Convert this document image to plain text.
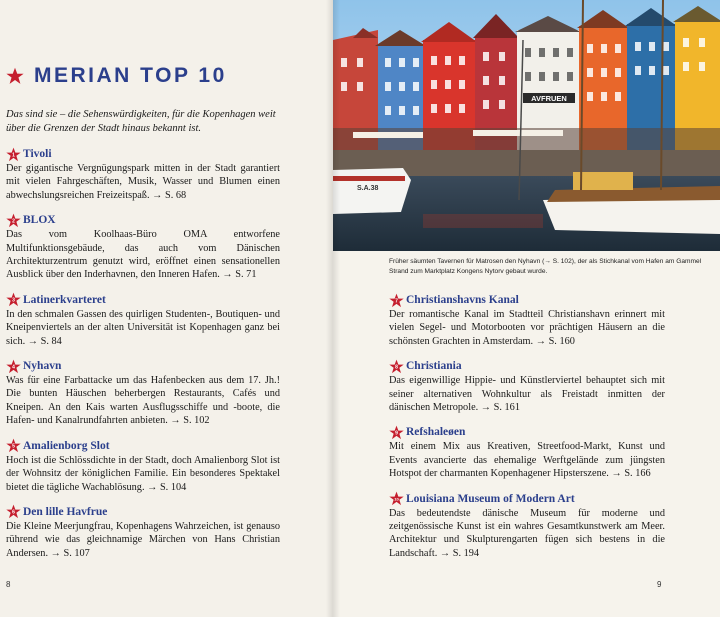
MERIAN TOP 10

Das sind sie – die Sehenswürdigkeiten, für die Kopenhagen weit über die Grenzen der Stadt hinaus bekannt ist.

1 Tivoli

Der gigantische Vergnügungspark mitten in der Stadt garantiert mit vielen Fahrgeschäften, Musik, Wasser und Blumen einen abwechslungsreichen Freizeitspaß. → S. 68

2 BLOX

Das vom Koolhaas-Büro OMA entworfene Multifunktionsgebäude, das auch vom Dänischen Architekturzentrum genutzt wird, eröffnet einen sensationellen Ausblick über den Inderhavnen, den Inneren Hafen. → S. 71

3 Latinerkvarteret

In den schmalen Gassen des quirligen Studenten-, Boutiquen- und Kneipenviertels an der alten Universität ist Kopenhagen ganz bei sich. → S. 84

4 Nyhavn

Was für eine Farbattacke um das Hafenbecken aus dem 17. Jh.! Die bunten Häuschen beherbergen Restaurants, Cafés und Kneipen. An den Kais warten Ausflugsschiffe und -boote, die Hafen- und Kanalrundfahrten anbieten. → S. 102

5 Amalienborg Slot

Hoch ist die Schlössdichte in der Stadt, doch Amalienborg Slot ist der Wohnsitz der königlichen Familie. Ein besonderes Spektakel bietet die tägliche Wachablösung. → S. 104

6 Den lille Havfrue

Die Kleine Meerjungfrau, Kopenhagens Wahrzeichen, ist genauso rührend wie das gleichnamige Märchen von Hans Christian Andersen. → S. 107

8
AVFRUEN
S.A.38

Früher säumten Tavernen für Matrosen den Nyhavn (→ S. 102), der als Stichkanal vom Hafen am Gammel Strand zum Marktplatz Kongens Nytorv gebaut wurde.

7 Christianshavns Kanal

Der romantische Kanal im Stadtteil Christianshavn erinnert mit vielen Segel- und Motorbooten vor prächtigen Häusern an die schönsten Grachten in Amsterdam. → S. 160

8 Christiania

Das eigenwillige Hippie- und Künstlerviertel behauptet sich mit seiner alternativen Wohnkultur als Freistadt inmitten der dänischen Metropole. → S. 161

9 Refshaleøen

Mit einem Mix aus Kreativen, Streetfood-Markt, Kunst und Events avancierte das ehemalige Werftgelände zum jüngsten Hotspot der charmanten Kopenhagener Hipsterszene. → S. 166

10 Louisiana Museum of Modern Art

Das bedeutendste dänische Museum für moderne und zeitgenössische Kunst ist ein wahres Gesamtkunstwerk am Meer. Architektur und Skulpturengarten fügen sich bestens in die Landschaft. → S. 194

9
